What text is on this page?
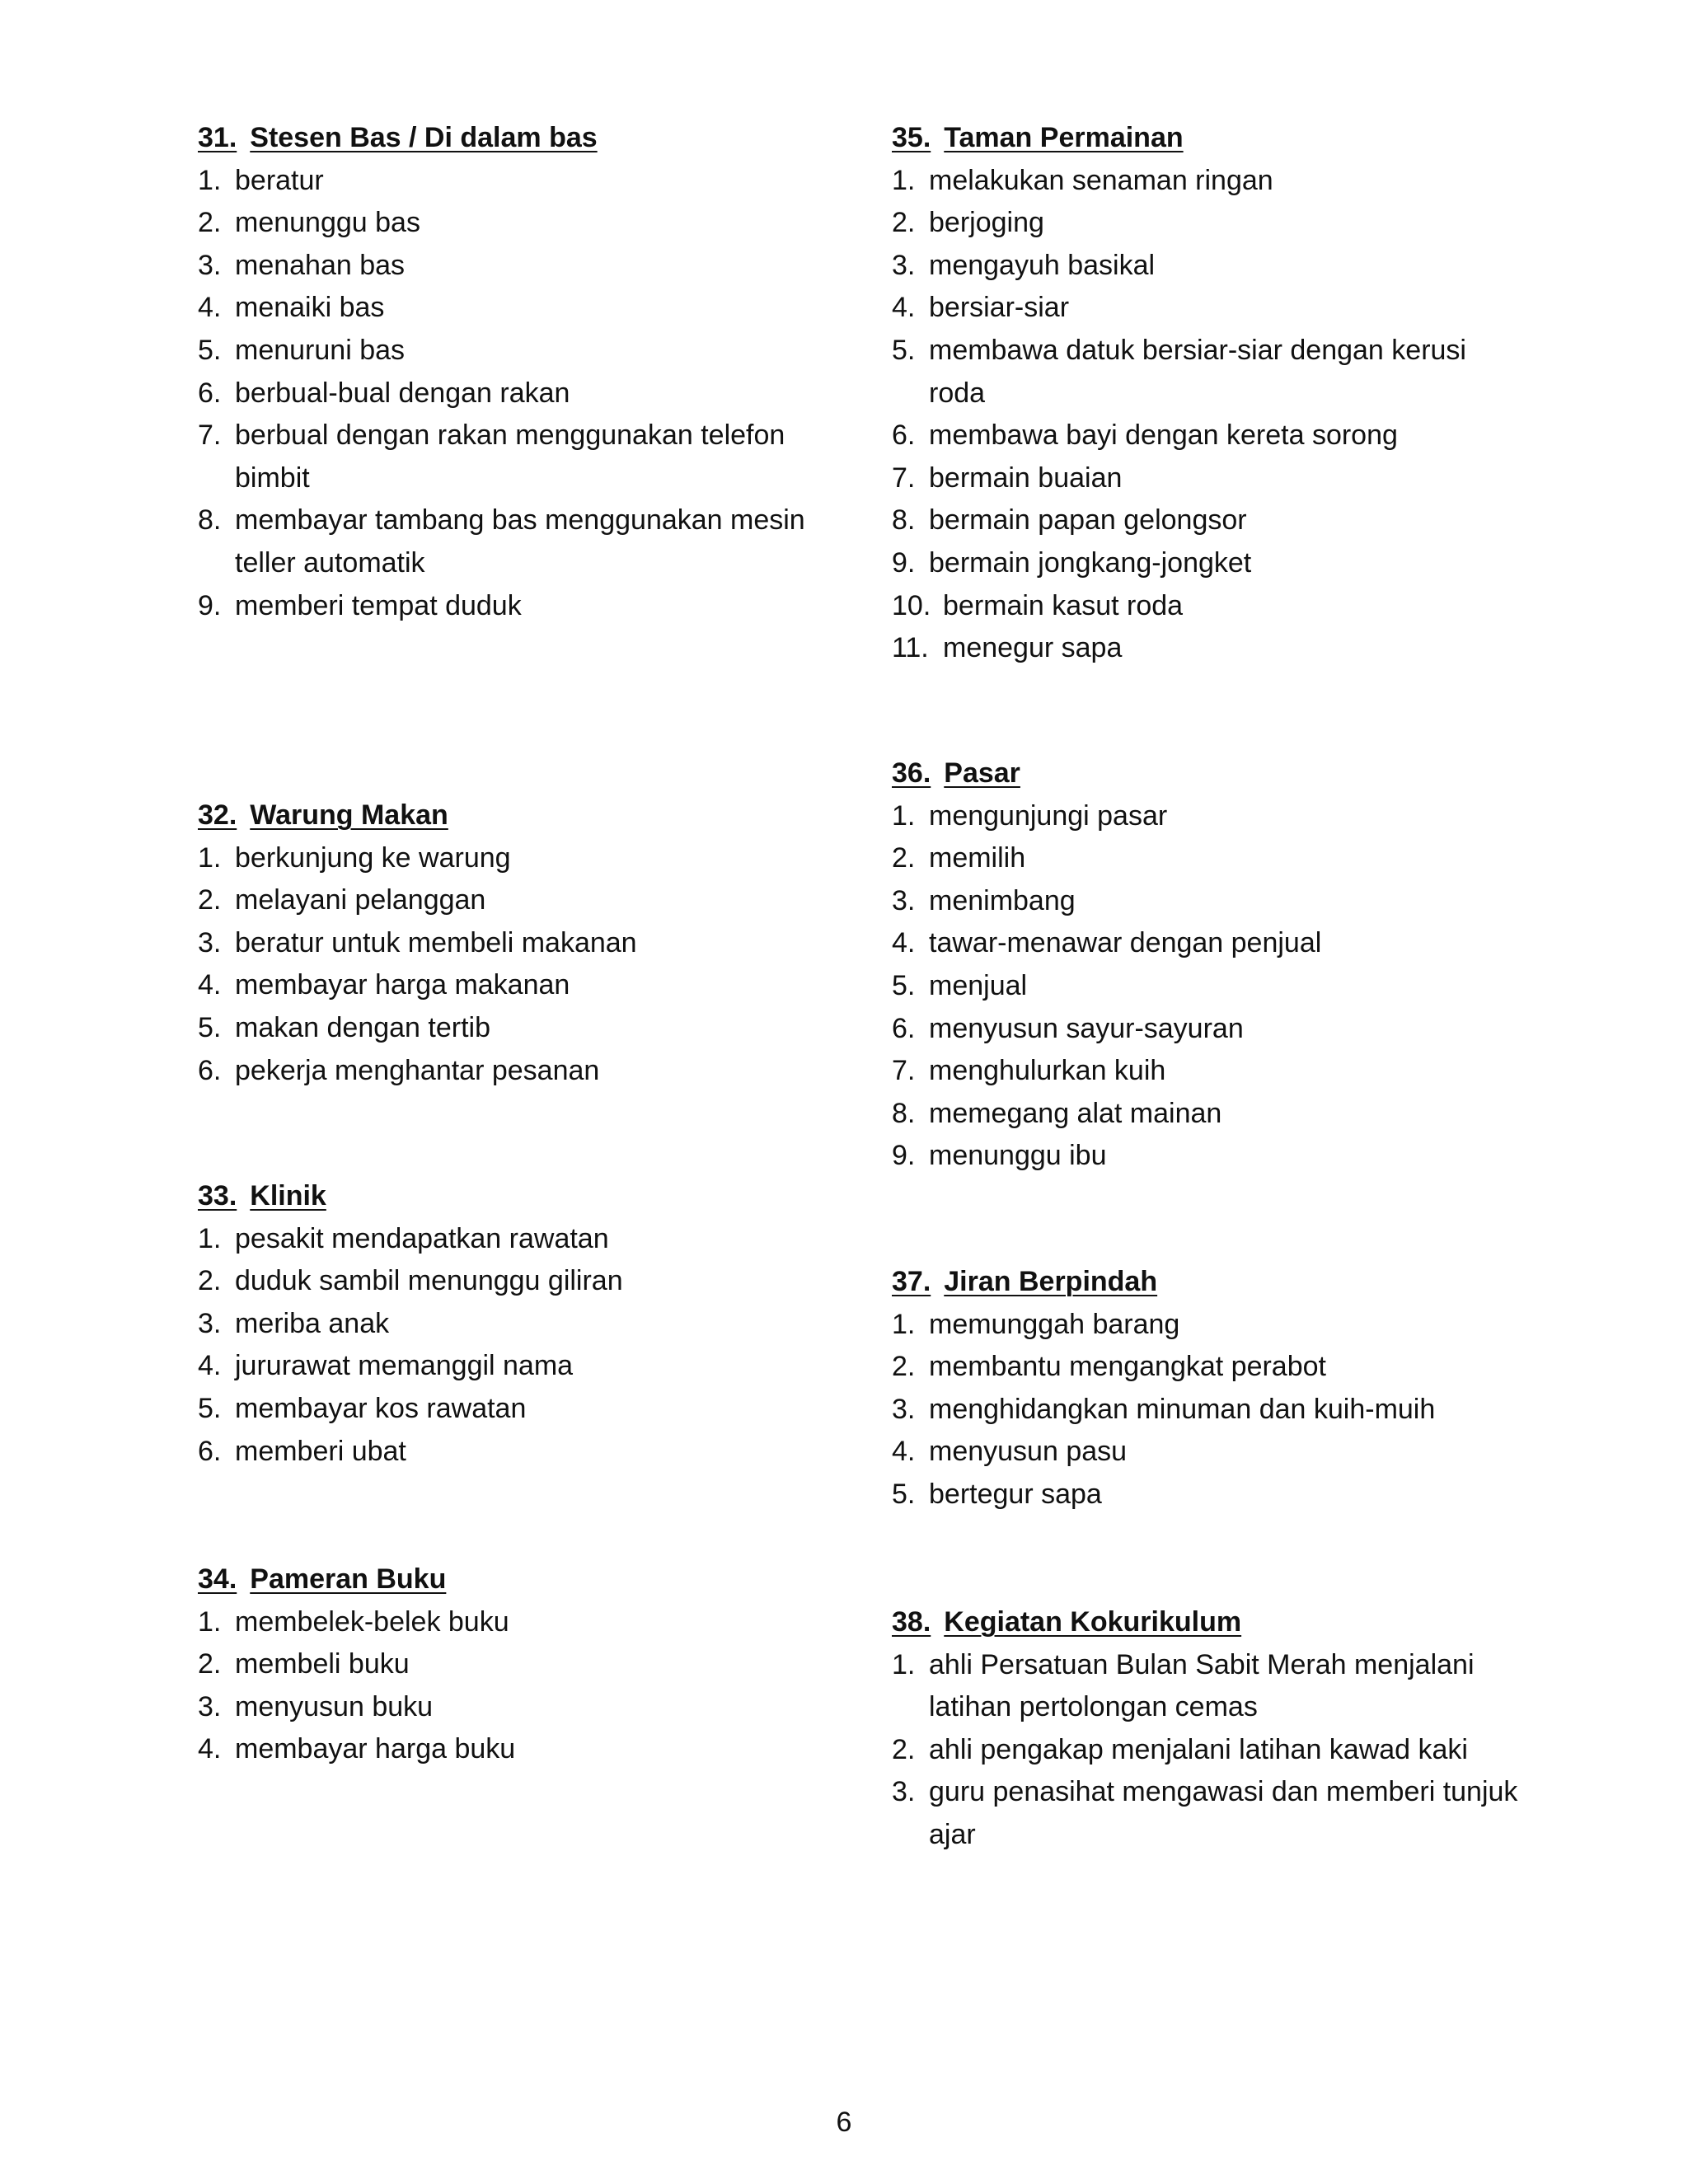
31. Stesen Bas / Di dalam bas
1. beratur
2. menunggu bas
3. menahan bas
4. menaiki bas
5. menuruni bas
6. berbual-bual dengan rakan
7. berbual dengan rakan menggunakan telefon bimbit
8. membayar tambang bas menggunakan mesin teller automatik
9. memberi tempat duduk
32. Warung Makan
1. berkunjung ke warung
2. melayani pelanggan
3. beratur untuk membeli makanan
4. membayar harga makanan
5. makan dengan tertib
6. pekerja menghantar pesanan
33. Klinik
1. pesakit mendapatkan rawatan
2. duduk sambil menunggu giliran
3. meriba anak
4. jururawat memanggil nama
5. membayar kos rawatan
6. memberi ubat
34. Pameran Buku
1. membelek-belek buku
2. membeli buku
3. menyusun buku
4. membayar harga buku
35. Taman Permainan
1. melakukan senaman ringan
2. berjoging
3. mengayuh basikal
4. bersiar-siar
5. membawa datuk bersiar-siar dengan kerusi roda
6. membawa bayi dengan kereta sorong
7. bermain buaian
8. bermain papan gelongsor
9. bermain jongkang-jongket
10. bermain kasut roda
11. menegur sapa
36. Pasar
1. mengunjungi pasar
2. memilih
3. menimbang
4. tawar-menawar dengan penjual
5. menjual
6. menyusun sayur-sayuran
7. menghulurkan kuih
8. memegang alat mainan
9. menunggu ibu
37. Jiran Berpindah
1. memunggah barang
2. membantu mengangkat perabot
3. menghidangkan minuman dan kuih-muih
4. menyusun pasu
5. bertegur sapa
38. Kegiatan Kokurikulum
1. ahli Persatuan Bulan Sabit Merah menjalani latihan pertolongan cemas
2. ahli pengakap menjalani latihan kawad kaki
3. guru penasihat mengawasi dan memberi tunjuk ajar
6
